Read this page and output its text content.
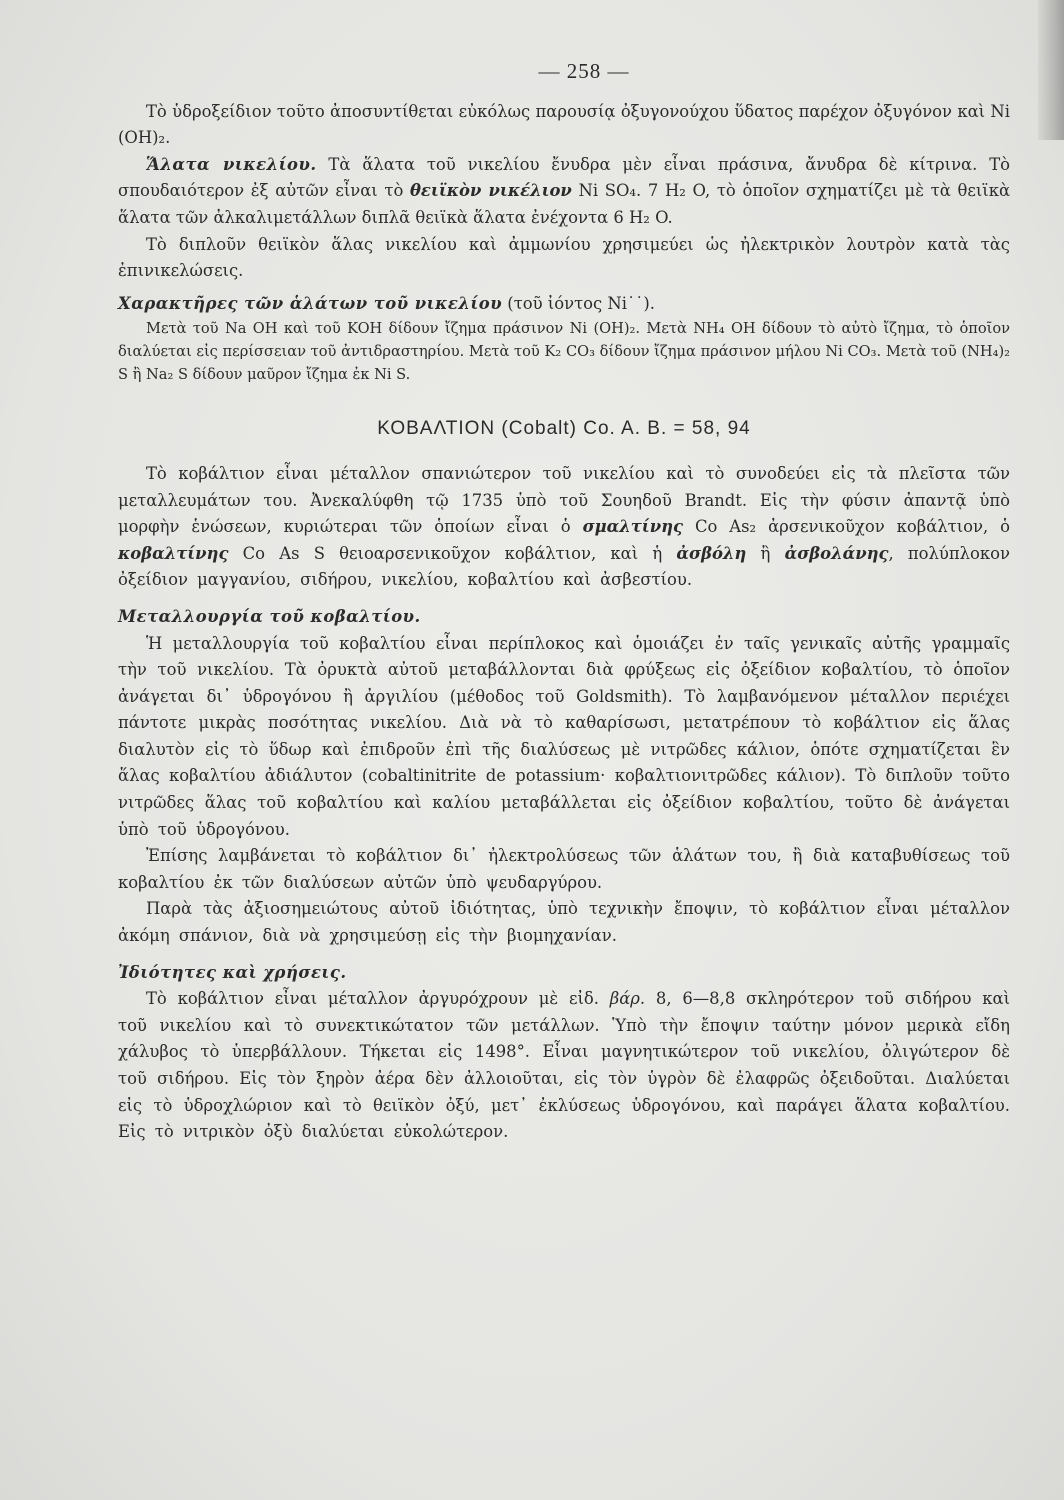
— 258 —

Τὸ ὑδροξείδιον τοῦτο ἀποσυντίθεται εὐκόλως παρουσίᾳ ὀξυγονούχου ὕδατος παρέχον ὀξυγόνον καὶ Ni (OH)₂.

Ἅλατα νικελίου. Τὰ ἅλατα τοῦ νικελίου ἔνυδρα μὲν εἶναι πράσινα, ἄνυδρα δὲ κίτρινα. Τὸ σπουδαιότερον ἐξ αὐτῶν εἶναι τὸ θειϊκὸν νικέλιον Ni SO₄. 7 H₂ O, τὸ ὁποῖον σχηματίζει μὲ τὰ θειϊκὰ ἅλατα τῶν ἀλκαλιμετάλλων διπλᾶ θειϊκὰ ἅλατα ἐνέχοντα 6 H₂ O.

Τὸ διπλοῦν θειϊκὸν ἅλας νικελίου καὶ ἀμμωνίου χρησιμεύει ὡς ἠλεκτρικὸν λουτρὸν κατὰ τὰς ἐπινικελώσεις.

Χαρακτῆρες τῶν ἁλάτων τοῦ νικελίου (τοῦ ἰόντος Ni˙˙).

Μετὰ τοῦ Na OH καὶ τοῦ KOH δίδουν ἴζημα πράσινον Ni (OH)₂. Μετὰ NH₄ OH δίδουν τὸ αὐτὸ ἴζημα, τὸ ὁποῖον διαλύεται εἰς περίσσειαν τοῦ ἀντιδραστηρίου. Μετὰ τοῦ K₂ CO₃ δίδουν ἴζημα πράσινον μήλου Ni CO₃. Μετὰ τοῦ (NH₄)₂ S ἢ Na₂ S δίδουν μαῦρον ἴζημα ἐκ Ni S.

ΚΟΒΑΛΤΙΟΝ (Cobalt) Co. A. B. = 58, 94

Τὸ κοβάλτιον εἶναι μέταλλον σπανιώτερον τοῦ νικελίου καὶ τὸ συνοδεύει εἰς τὰ πλεῖστα τῶν μεταλλευμάτων του. Ἀνεκαλύφθη τῷ 1735 ὑπὸ τοῦ Σουηδοῦ Brandt. Εἰς τὴν φύσιν ἀπαντᾷ ὑπὸ μορφὴν ἑνώσεων, κυριώτεραι τῶν ὁποίων εἶναι ὁ σμαλτίνης Co As₂ ἀρσενικοῦχον κοβάλτιον, ὁ κοβαλτίνης Co As S θειοαρσενικοῦχον κοβάλτιον, καὶ ἡ ἀσβόλη ἢ ἀσβολάνης, πολύπλοκον ὀξείδιον μαγγανίου, σιδήρου, νικελίου, κοβαλτίου καὶ ἀσβεστίου.

Μεταλλουργία τοῦ κοβαλτίου.

Ἡ μεταλλουργία τοῦ κοβαλτίου εἶναι περίπλοκος καὶ ὁμοιάζει ἐν ταῖς γενικαῖς αὐτῆς γραμμαῖς τὴν τοῦ νικελίου. Τὰ ὀρυκτὰ αὐτοῦ μεταβάλλονται διὰ φρύξεως εἰς ὀξείδιον κοβαλτίου, τὸ ὁποῖον ἀνάγεται δι᾽ ὑδρογόνου ἢ ἀργιλίου (μέθοδος τοῦ Goldsmith). Τὸ λαμβανόμενον μέταλλον περιέχει πάντοτε μικρὰς ποσότητας νικελίου. Διὰ νὰ τὸ καθαρίσωσι, μετατρέπουν τὸ κοβάλτιον εἰς ἅλας διαλυτὸν εἰς τὸ ὕδωρ καὶ ἐπιδροῦν ἐπὶ τῆς διαλύσεως μὲ νιτρῶδες κάλιον, ὁπότε σχηματίζεται ἓν ἅλας κοβαλτίου ἀδιάλυτον (cobaltinitrite de potassium· κοβαλτιονιτρῶδες κάλιον). Τὸ διπλοῦν τοῦτο νιτρῶδες ἅλας τοῦ κοβαλτίου καὶ καλίου μεταβάλλεται εἰς ὀξείδιον κοβαλτίου, τοῦτο δὲ ἀνάγεται ὑπὸ τοῦ ὑδρογόνου.

Ἐπίσης λαμβάνεται τὸ κοβάλτιον δι᾽ ἠλεκτρολύσεως τῶν ἁλάτων του, ἢ διὰ καταβυθίσεως τοῦ κοβαλτίου ἐκ τῶν διαλύσεων αὐτῶν ὑπὸ ψευδαργύρου.

Παρὰ τὰς ἀξιοσημειώτους αὐτοῦ ἰδιότητας, ὑπὸ τεχνικὴν ἔποψιν, τὸ κοβάλτιον εἶναι μέταλλον ἀκόμη σπάνιον, διὰ νὰ χρησιμεύσῃ εἰς τὴν βιομηχανίαν.

Ἰδιότητες καὶ χρήσεις.

Τὸ κοβάλτιον εἶναι μέταλλον ἀργυρόχρουν μὲ εἰδ. βάρ. 8, 6—8,8 σκληρότερον τοῦ σιδήρου καὶ τοῦ νικελίου καὶ τὸ συνεκτικώτατον τῶν μετάλλων. Ὑπὸ τὴν ἔποψιν ταύτην μόνον μερικὰ εἴδη χάλυβος τὸ ὑπερβάλλουν. Τήκεται εἰς 1498°. Εἶναι μαγνητικώτερον τοῦ νικελίου, ὀλιγώτερον δὲ τοῦ σιδήρου. Εἰς τὸν ξηρὸν ἀέρα δὲν ἀλλοιοῦται, εἰς τὸν ὑγρὸν δὲ ἐλαφρῶς ὀξειδοῦται. Διαλύεται εἰς τὸ ὑδροχλώριον καὶ τὸ θειϊκὸν ὀξύ, μετ᾽ ἐκλύσεως ὑδρογόνου, καὶ παράγει ἅλατα κοβαλτίου. Εἰς τὸ νιτρικὸν ὀξὺ διαλύεται εὐκολώτερον.
